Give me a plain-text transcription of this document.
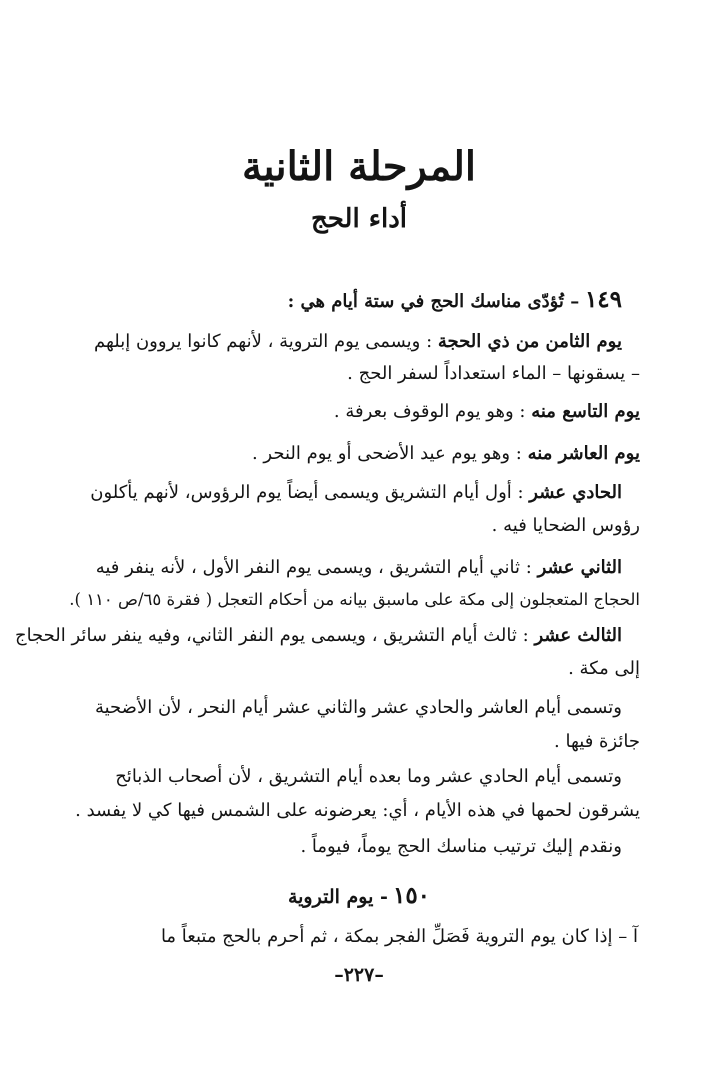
المرحلة الثانية
أداء الحج
١٤٩ – تُؤدّى مناسك الحج في ستة أيام هي :
يوم الثامن من ذي الحجة : ويسمى يوم التروية ، لأنهم كانوا يروون إبلهم
– يسقونها – الماء استعداداً لسفر الحج .
يوم التاسع منه : وهو يوم الوقوف بعرفة .
يوم العاشر منه : وهو يوم عيد الأضحى أو يوم النحر .
الحادي عشر : أول أيام التشريق ويسمى أيضاً يوم الرؤوس، لأنهم يأكلون
رؤوس الضحايا فيه .
الثاني عشر : ثاني أيام التشريق ، ويسمى يوم النفر الأول ، لأنه ينفر فيه
الحجاج المتعجلون إلى مكة على ماسبق بيانه من أحكام التعجل ( فقرة ٦٥/ص ١١٠ ).
الثالث عشر : ثالث أيام التشريق ، ويسمى يوم النفر الثاني، وفيه ينفر سائر الحجاج
إلى مكة .
وتسمى أيام العاشر والحادي عشر والثاني عشر أيام النحر ، لأن الأضحية
جائزة فيها .
وتسمى أيام الحادي عشر وما بعده أيام التشريق ، لأن أصحاب الذبائح
يشرقون لحمها في هذه الأيام ، أي: يعرضونه على الشمس فيها كي لا يفسد .
ونقدم إليك ترتيب مناسك الحج يوماً، فيوماً .
١٥٠ - يوم التروية
آ – إذا كان يوم التروية فَصَلِّ الفجر بمكة ، ثم أحرم بالحج متبعاً ما
–٢٢٧–
